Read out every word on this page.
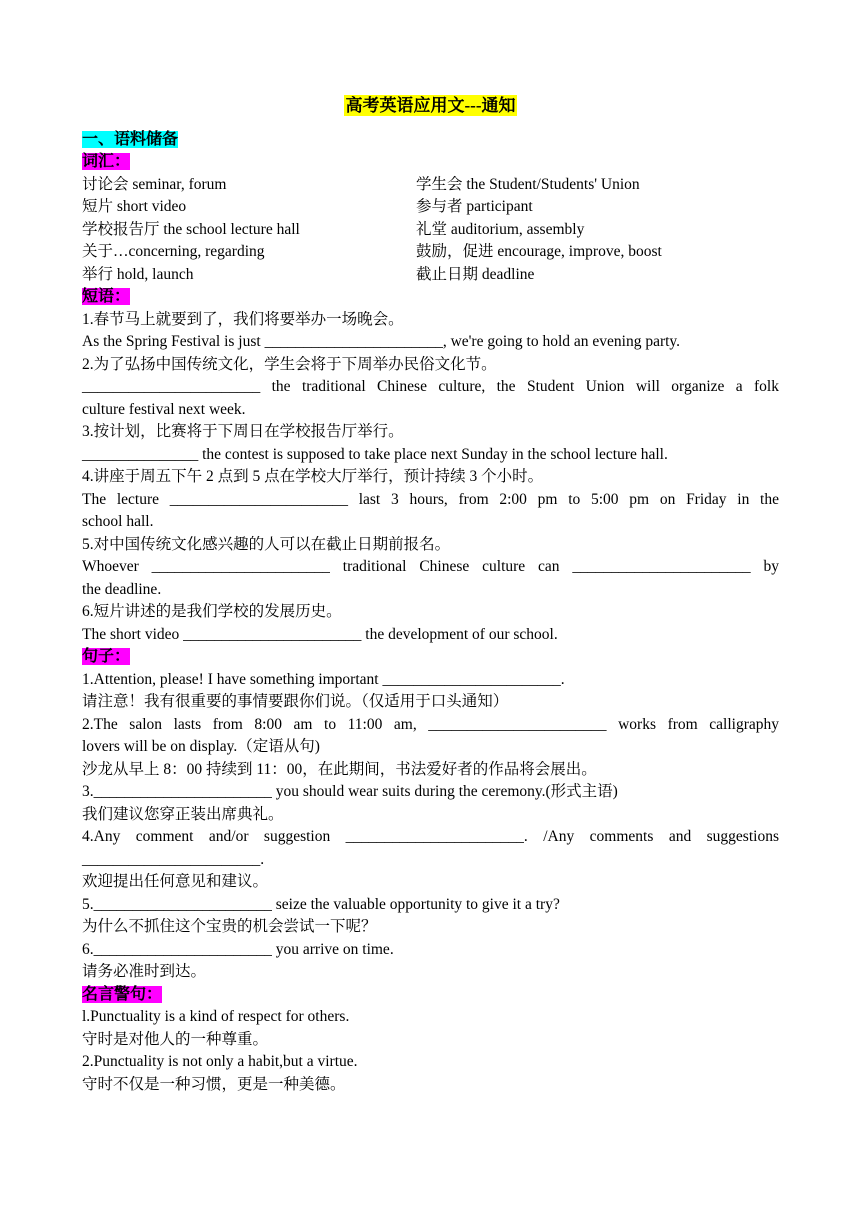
高考英语应用文---通知
一、语料储备
词汇：
讨论会 seminar, forum	学生会 the Student/Students' Union
短片 short video	参与者 participant
学校报告厅 the school lecture hall	礼堂 auditorium, assembly
关于…concerning, regarding	鼓励，促进 encourage, improve, boost
举行 hold, launch	截止日期 deadline
短语：
1.春节马上就要到了，我们将要举办一场晚会。
As the Spring Festival is just _______________________, we're going to hold an evening party.
2.为了弘扬中国传统文化，学生会将于下周举办民俗文化节。
_______________________ the traditional Chinese culture, the Student Union will organize a folk
culture festival next week.
3.按计划，比赛将于下周日在学校报告厅举行。
_______________ the contest is supposed to take place next Sunday in the school lecture hall.
4.讲座于周五下午 2 点到 5 点在学校大厅举行，预计持续 3 个小时。
The lecture _______________________ last 3 hours, from 2:00 pm to 5:00 pm on Friday in the
school hall.
5.对中国传统文化感兴趣的人可以在截止日期前报名。
Whoever _______________________ traditional Chinese culture can _______________________ by
the deadline.
6.短片讲述的是我们学校的发展历史。
The short video _______________________ the development of our school.
句子：
1.Attention, please! I have something important _______________________.
请注意！我有很重要的事情要跟你们说。（仅适用于口头通知）
2.The salon lasts from 8:00 am to 11:00 am, _______________________ works from calligraphy
lovers will be on display.（定语从句)
沙龙从早上 8：00 持续到 11：00，在此期间，书法爱好者的作品将会展出。
3._______________________ you should wear suits during the ceremony.(形式主语)
我们建议您穿正装出席典礼。
4.Any comment and/or suggestion _______________________. /Any comments and suggestions
_______________________.
欢迎提出任何意见和建议。
5._______________________ seize the valuable opportunity to give it a try?
为什么不抓住这个宝贵的机会尝试一下呢？
6._______________________ you arrive on time.
请务必准时到达。
名言警句：
l.Punctuality is a kind of respect for others.
守时是对他人的一种尊重。
2.Punctuality is not only a habit,but a virtue.
守时不仅是一种习惯，更是一种美德。
